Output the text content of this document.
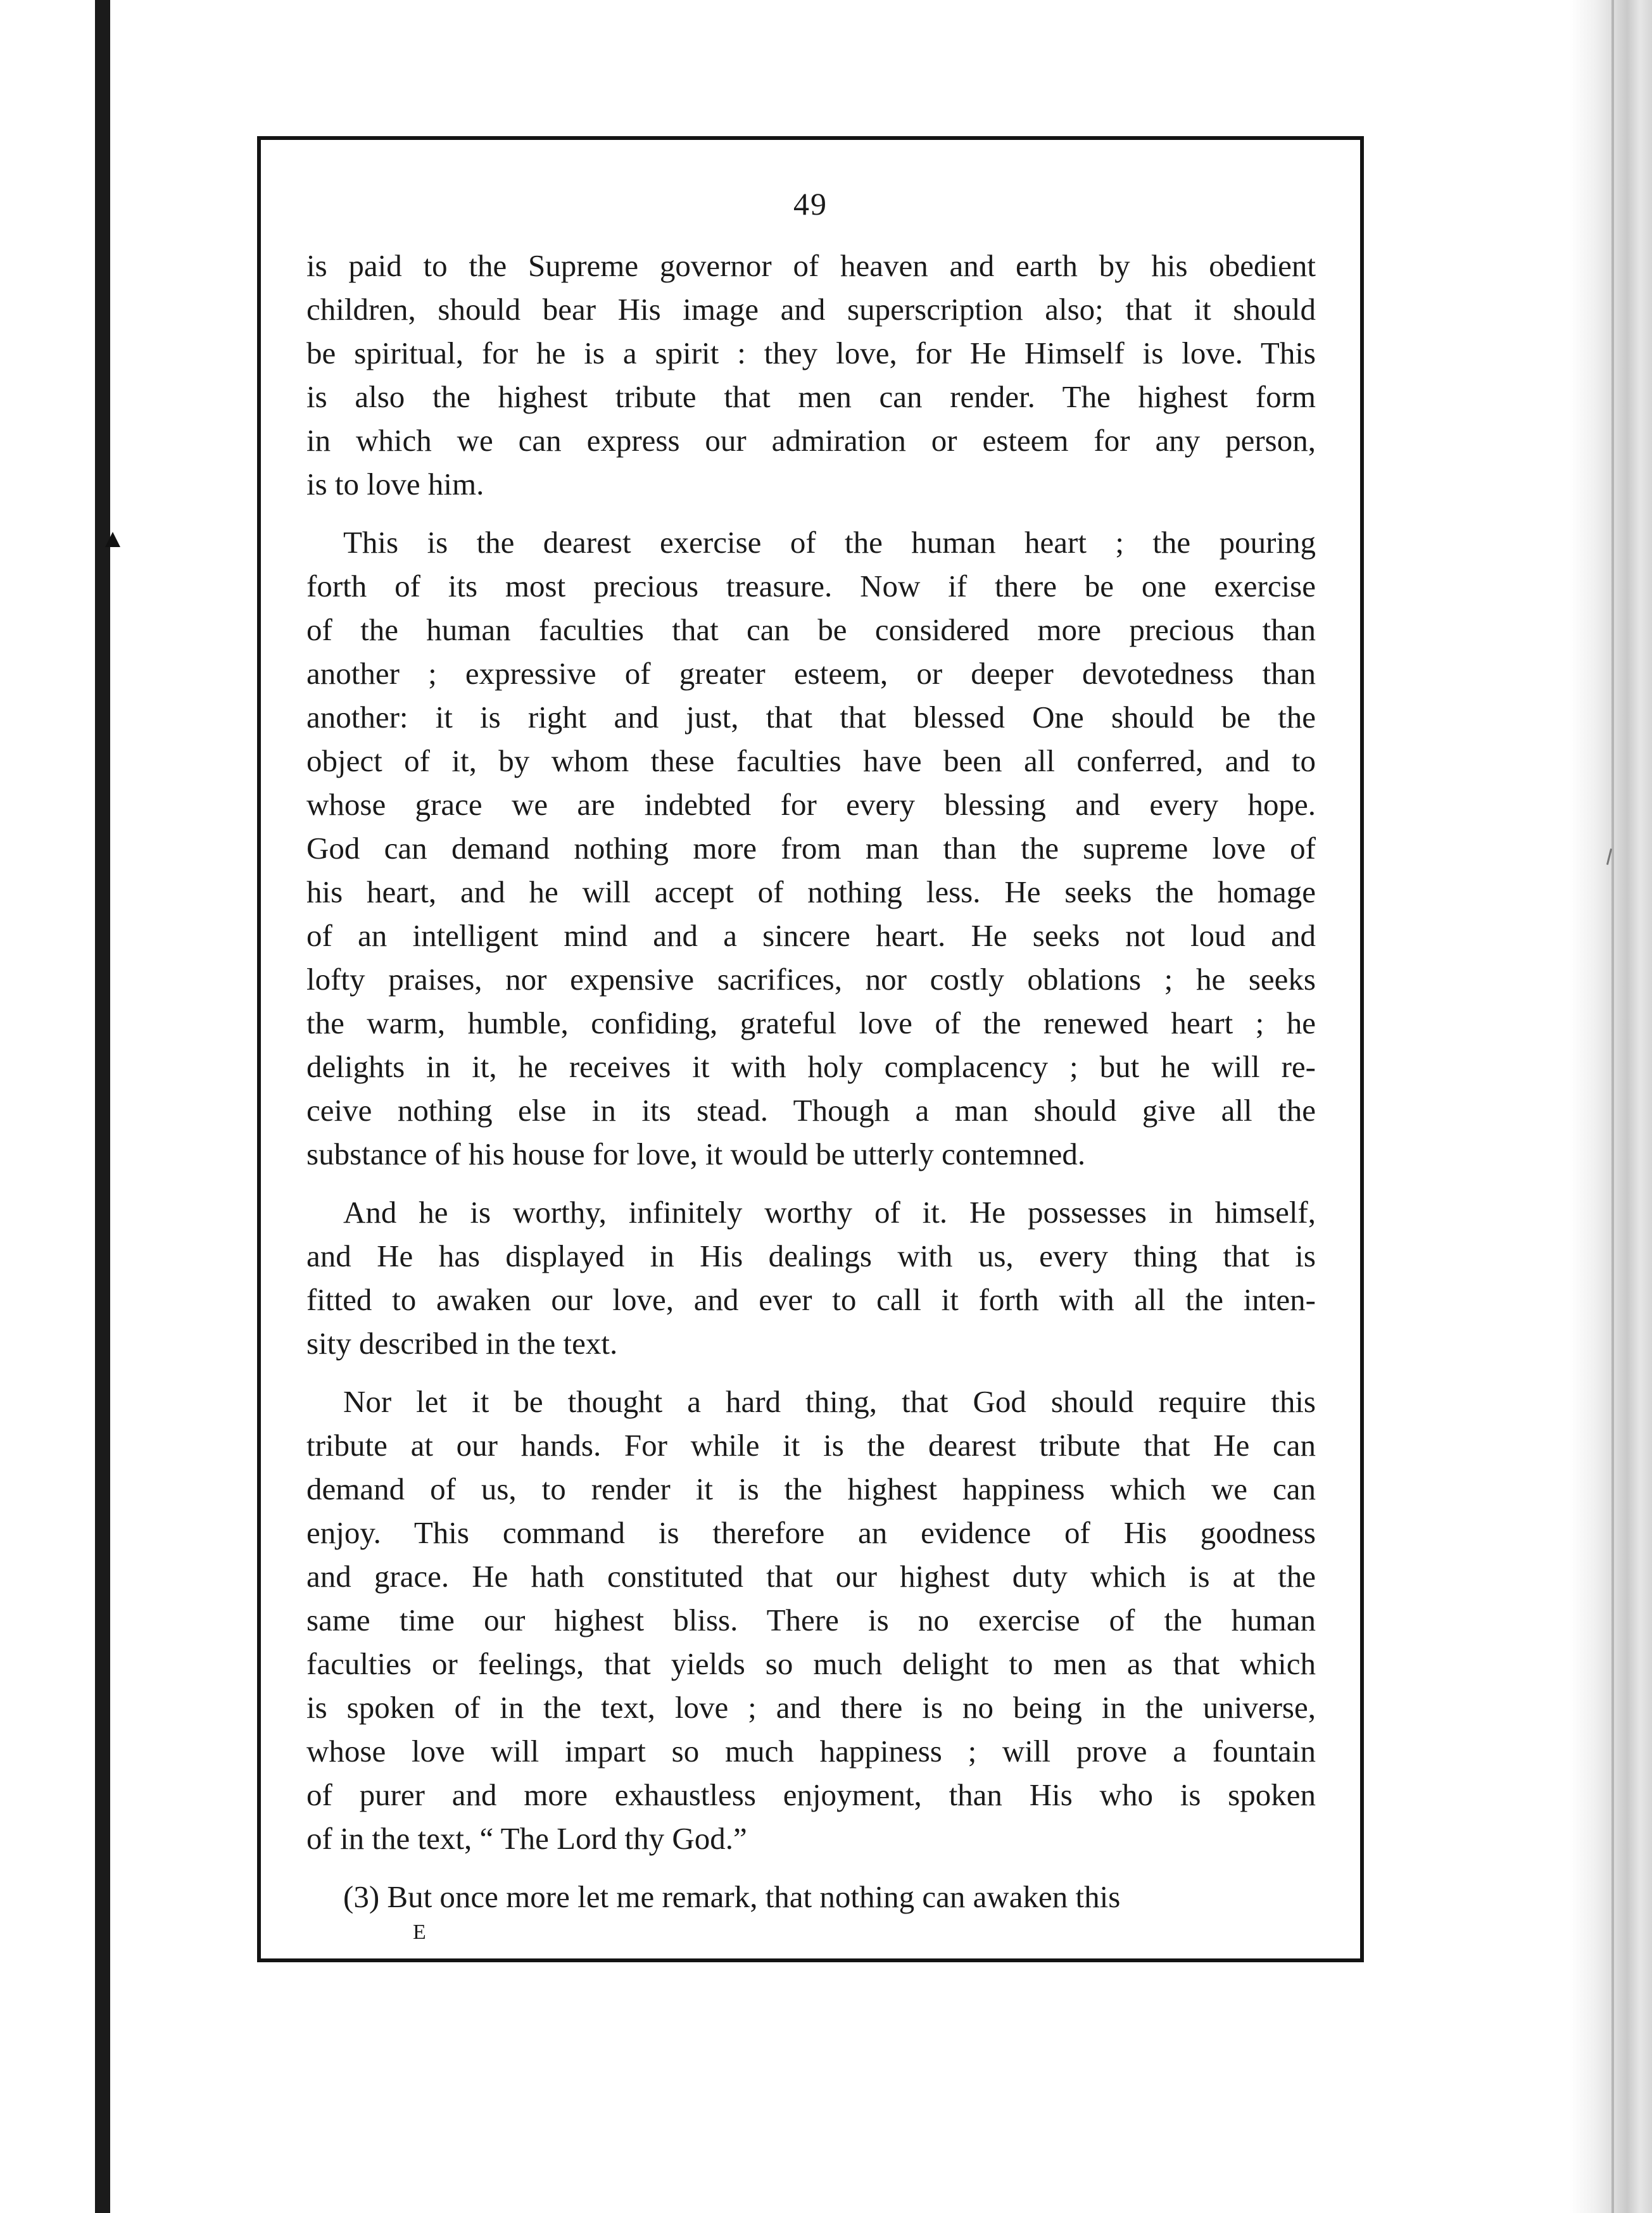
49
is paid to the Supreme governor of heaven and earth by his obedient
children, should bear His image and superscription also; that it should
be spiritual, for he is a spirit : they love, for He Himself is love. This
is also the highest tribute that men can render. The highest form
in which we can express our admiration or esteem for any person,
is to love him.
This is the dearest exercise of the human heart ; the pouring
forth of its most precious treasure. Now if there be one exercise
of the human faculties that can be considered more precious than
another ; expressive of greater esteem, or deeper devotedness than
another: it is right and just, that that blessed One should be the
object of it, by whom these faculties have been all conferred, and to
whose grace we are indebted for every blessing and every hope.
God can demand nothing more from man than the supreme love of
his heart, and he will accept of nothing less. He seeks the homage
of an intelligent mind and a sincere heart. He seeks not loud and
lofty praises, nor expensive sacrifices, nor costly oblations ; he seeks
the warm, humble, confiding, grateful love of the renewed heart ; he
delights in it, he receives it with holy complacency ; but he will re-
ceive nothing else in its stead. Though a man should give all the
substance of his house for love, it would be utterly contemned.
And he is worthy, infinitely worthy of it. He possesses in himself,
and He has displayed in His dealings with us, every thing that is
fitted to awaken our love, and ever to call it forth with all the inten-
sity described in the text.
Nor let it be thought a hard thing, that God should require this
tribute at our hands. For while it is the dearest tribute that He can
demand of us, to render it is the highest happiness which we can
enjoy. This command is therefore an evidence of His goodness
and grace. He hath constituted that our highest duty which is at the
same time our highest bliss. There is no exercise of the human
faculties or feelings, that yields so much delight to men as that which
is spoken of in the text, love ; and there is no being in the universe,
whose love will impart so much happiness ; will prove a fountain
of purer and more exhaustless enjoyment, than His who is spoken
of in the text, “ The Lord thy God.”
(3) But once more let me remark, that nothing can awaken this
E
